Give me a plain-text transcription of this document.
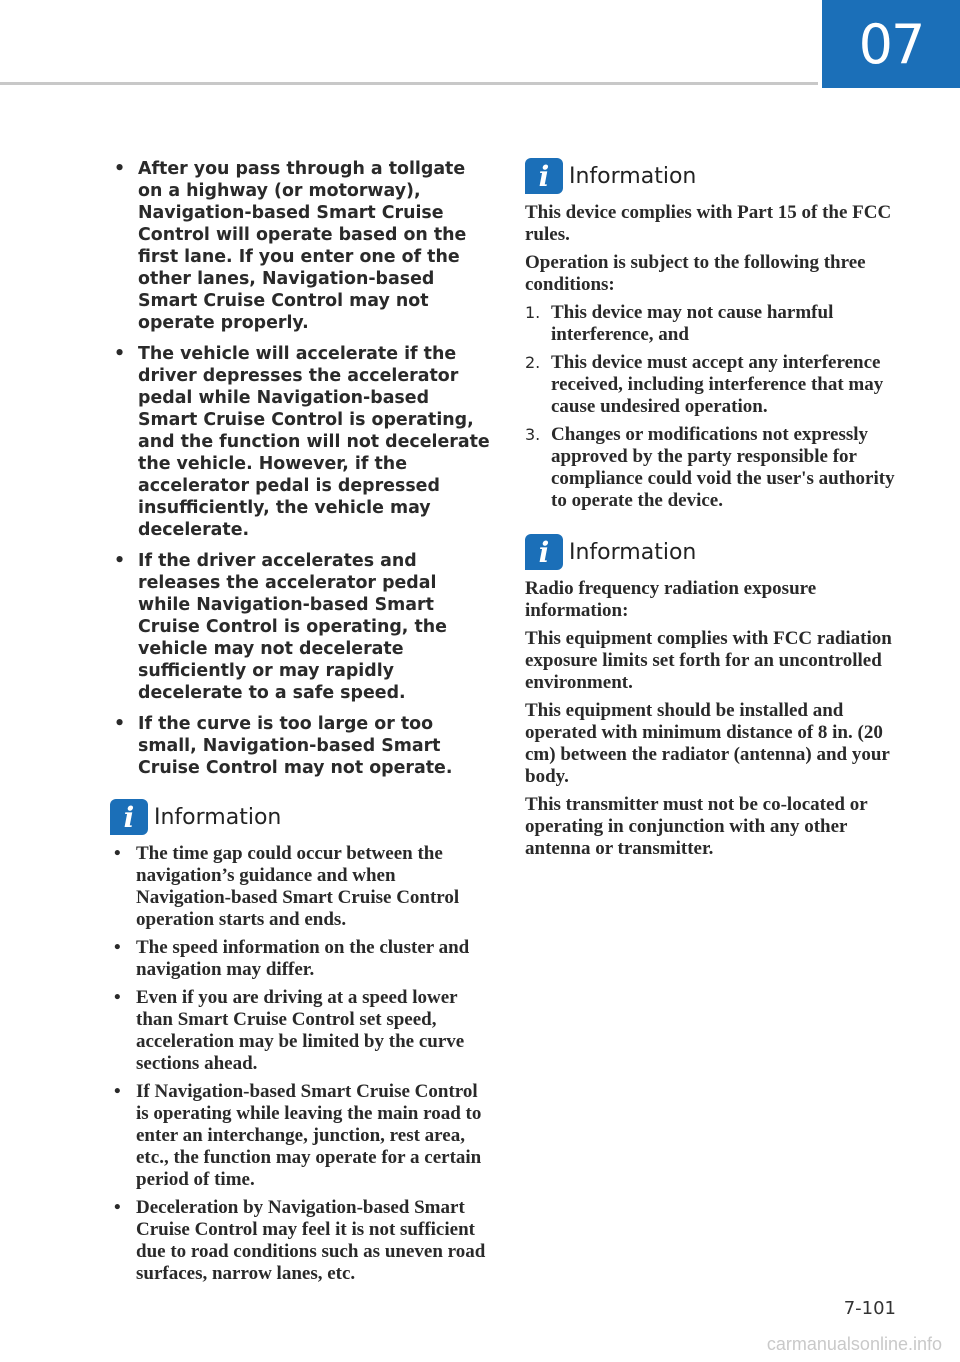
07
• After you pass through a tollgate on a highway (or motorway), Navigation-based Smart Cruise Control will operate based on the first lane. If you enter one of the other lanes, Navigation-based Smart Cruise Control may not operate properly.
• The vehicle will accelerate if the driver depresses the accelerator pedal while Navigation-based Smart Cruise Control is operating, and the function will not decelerate the vehicle. However, if the accelerator pedal is depressed insufficiently, the vehicle may decelerate.
• If the driver accelerates and releases the accelerator pedal while Navigation-based Smart Cruise Control is operating, the vehicle may not decelerate sufficiently or may rapidly decelerate to a safe speed.
• If the curve is too large or too small, Navigation-based Smart Cruise Control may not operate.
i Information
• The time gap could occur between the navigation’s guidance and when Navigation-based Smart Cruise Control operation starts and ends.
• The speed information on the cluster and navigation may differ.
• Even if you are driving at a speed lower than Smart Cruise Control set speed, acceleration may be limited by the curve sections ahead.
• If Navigation-based Smart Cruise Control is operating while leaving the main road to enter an interchange, junction, rest area, etc., the function may operate for a certain period of time.
• Deceleration by Navigation-based Smart Cruise Control may feel it is not sufficient due to road conditions such as uneven road surfaces, narrow lanes, etc.
i Information

This device complies with Part 15 of the FCC rules.

Operation is subject to the following three conditions:

1. This device may not cause harmful interference, and
2. This device must accept any interference received, including interference that may cause undesired operation.
3. Changes or modifications not expressly approved by the party responsible for compliance could void the user's authority to operate the device.
i Information

Radio frequency radiation exposure information:

This equipment complies with FCC radiation exposure limits set forth for an uncontrolled environment.

This equipment should be installed and operated with minimum distance of 8 in. (20 cm) between the radiator (antenna) and your body.

This transmitter must not be co-located or operating in conjunction with any other antenna or transmitter.

7-101
carmanualsonline.info
